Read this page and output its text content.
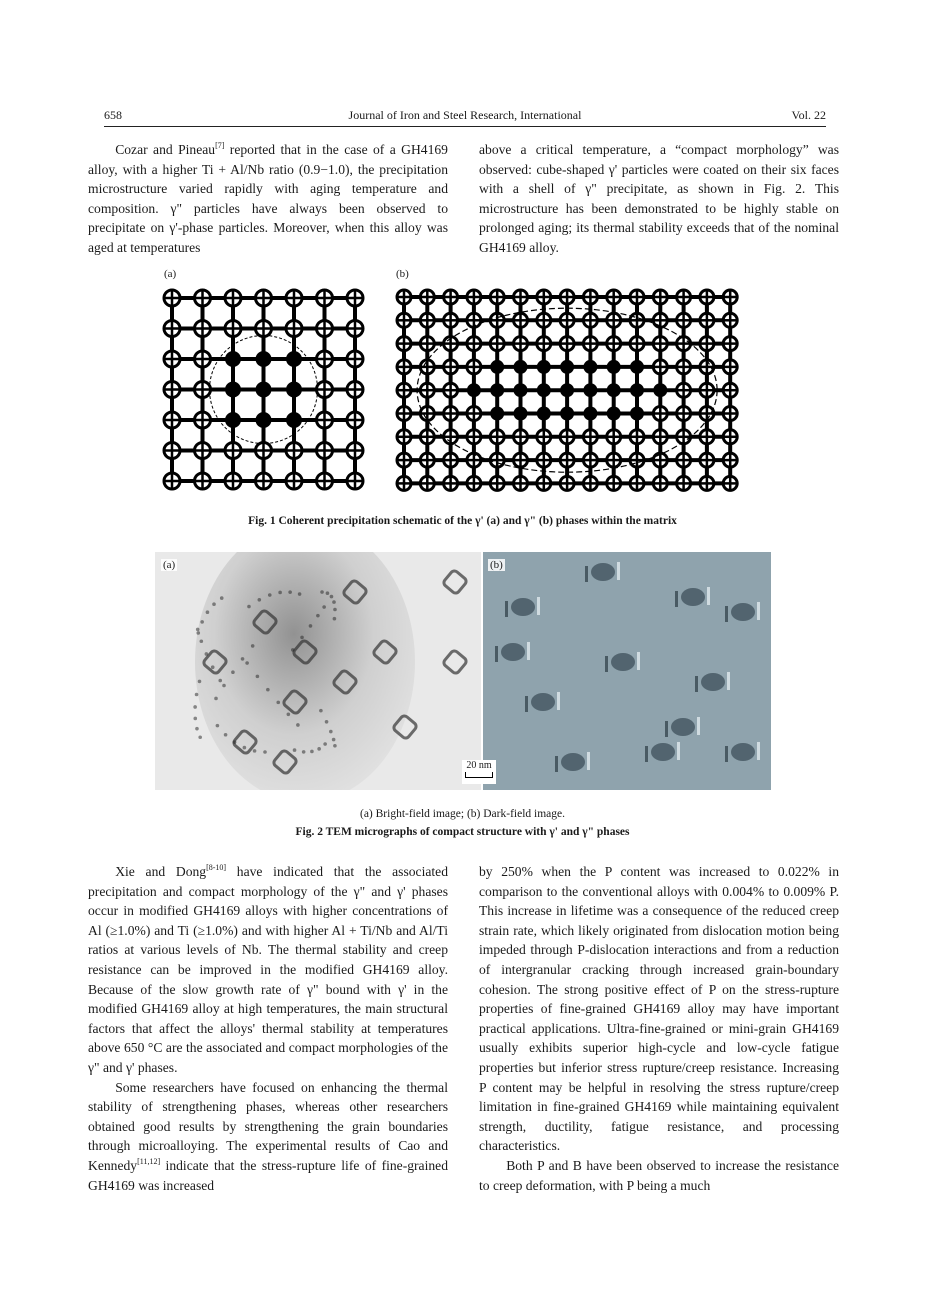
658	Journal of Iron and Steel Research, International	Vol. 22

Cozar and Pineau[7] reported that in the case of a GH4169 alloy, with a higher Ti + Al/Nb ratio (0.9−1.0), the precipitation microstructure varied rapidly with aging temperature and composition. γ" particles have always been observed to precipitate on γ'-phase particles. Moreover, when this alloy was aged at temperatures

above a critical temperature, a “compact morphology” was observed: cube-shaped γ' particles were coated on their six faces with a shell of γ" precipitate, as shown in Fig. 2. This microstructure has been demonstrated to be highly stable on prolonged aging; its thermal stability exceeds that of the nominal GH4169 alloy.

(a)	(b)
Fig. 1 Coherent precipitation schematic of the γ' (a) and γ" (b) phases within the matrix
(a)	(b)
20 nm
(a) Bright-field image; (b) Dark-field image.
Fig. 2 TEM micrographs of compact structure with γ' and γ" phases

Xie and Dong[8-10] have indicated that the associated precipitation and compact morphology of the γ" and γ' phases occur in modified GH4169 alloys with higher concentrations of Al (≥1.0%) and Ti (≥1.0%) and with higher Al + Ti/Nb and Al/Ti ratios at various levels of Nb. The thermal stability and creep resistance can be improved in the modified GH4169 alloy. Because of the slow growth rate of γ" bound with γ' in the modified GH4169 alloy at high temperatures, the main structural factors that affect the alloys' thermal stability at temperatures above 650 °C are the associated and compact morphologies of the γ" and γ' phases.

Some researchers have focused on enhancing the thermal stability of strengthening phases, whereas other researchers obtained good results by strengthening the grain boundaries through microalloying. The experimental results of Cao and Kennedy[11,12] indicate that the stress-rupture life of fine-grained GH4169 was increased

by 250% when the P content was increased to 0.022% in comparison to the conventional alloys with 0.004% to 0.009% P. This increase in lifetime was a consequence of the reduced creep strain rate, which likely originated from dislocation motion being impeded through P-dislocation interactions and from a reduction of intergranular cracking through increased grain-boundary cohesion. The strong positive effect of P on the stress-rupture properties of fine-grained GH4169 alloy may have important practical applications. Ultra-fine-grained or mini-grain GH4169 usually exhibits superior high-cycle and low-cycle fatigue properties but inferior stress rupture/creep resistance. Increasing P content may be helpful in resolving the stress rupture/creep limitation in fine-grained GH4169 while maintaining equivalent strength, ductility, fatigue resistance, and processing characteristics.

Both P and B have been observed to increase the resistance to creep deformation, with P being a much
